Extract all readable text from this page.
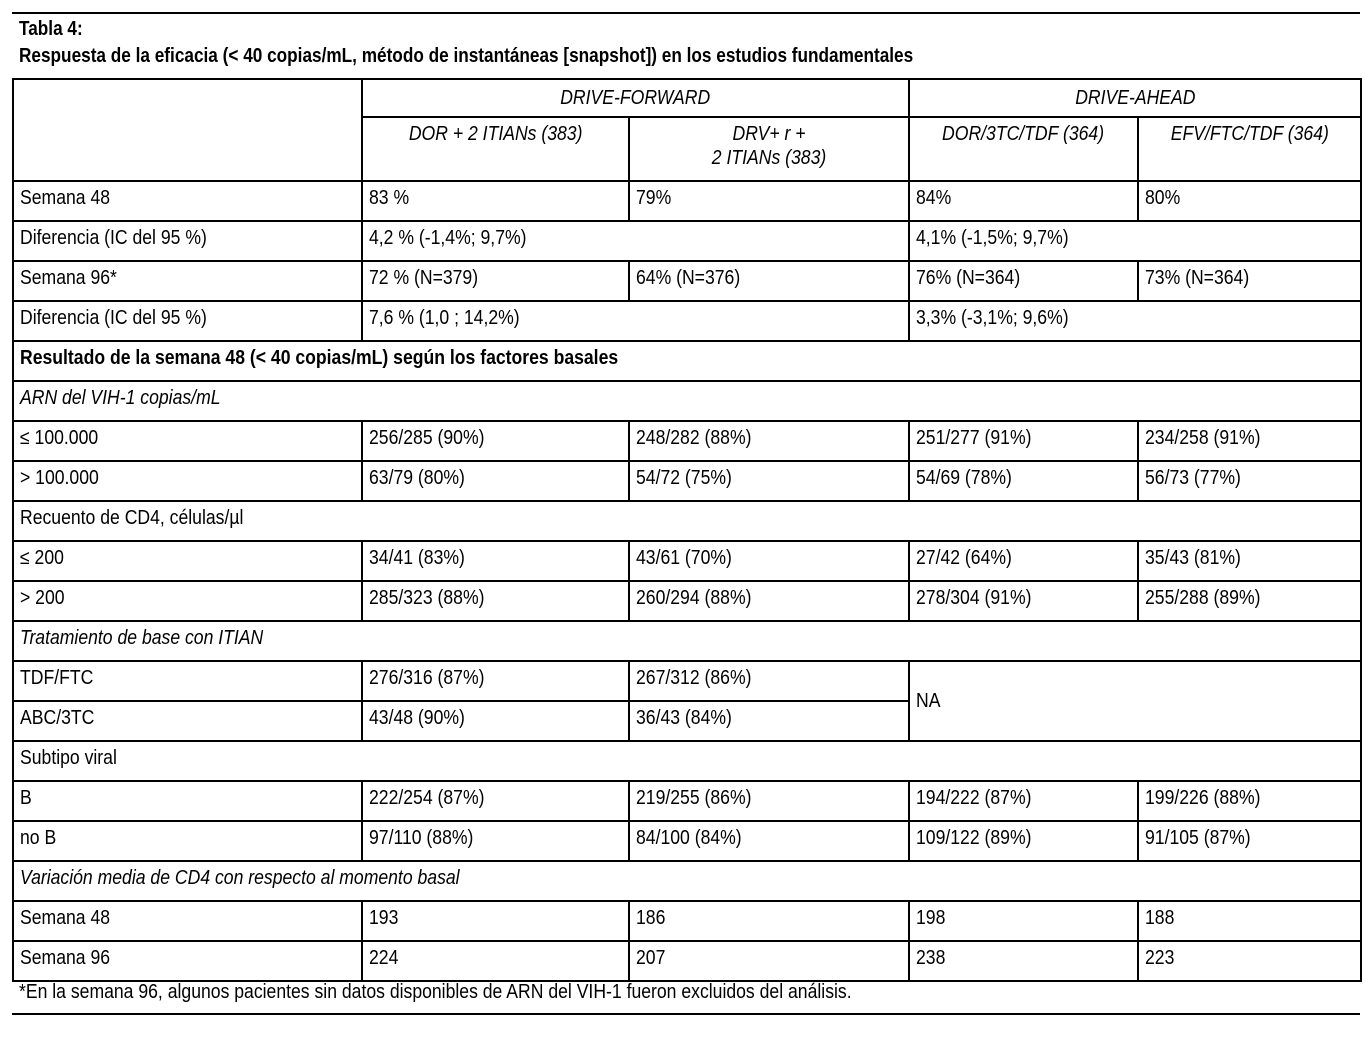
Tabla 4:
Respuesta de la eficacia (< 40 copias/mL, método de instantáneas [snapshot]) en los estudios fundamentales
	DRIVE-FORWARD		DRIVE-AHEAD	
	DOR + 2 ITIANs (383)	DRV+ r +
2 ITIANs (383)	DOR/3TC/TDF (364)	EFV/FTC/TDF (364)
Semana 48	83 %	79%	84%	80%
Diferencia (IC del 95 %)	4,2 % (-1,4%; 9,7%)		4,1% (-1,5%; 9,7%)	
Semana 96*	72 % (N=379)	64% (N=376)	76% (N=364)	73% (N=364)
Diferencia (IC del 95 %)	7,6 % (1,0 ; 14,2%)		3,3% (-3,1%; 9,6%)	
Resultado de la semana 48 (< 40 copias/mL) según los factores basales				
ARN del VIH-1 copias/mL				
≤ 100.000	256/285 (90%)	248/282 (88%)	251/277 (91%)	234/258 (91%)
> 100.000	63/79 (80%)	54/72 (75%)	54/69 (78%)	56/73 (77%)
Recuento de CD4, células/µl				
≤ 200	34/41 (83%)	43/61 (70%)	27/42 (64%)	35/43 (81%)
> 200	285/323 (88%)	260/294 (88%)	278/304 (91%)	255/288 (89%)
Tratamiento de base con ITIAN				
TDF/FTC	276/316 (87%)	267/312 (86%)	NA	
ABC/3TC	43/48 (90%)	36/43 (84%)		
Subtipo viral				
B	222/254 (87%)	219/255 (86%)	194/222 (87%)	199/226 (88%)
no B	97/110 (88%)	84/100 (84%)	109/122 (89%)	91/105 (87%)
Variación media de CD4 con respecto al momento basal				
Semana 48	193	186	198	188
Semana 96	224	207	238	223
*En la semana 96, algunos pacientes sin datos disponibles de ARN del VIH-1 fueron excluidos del análisis.
